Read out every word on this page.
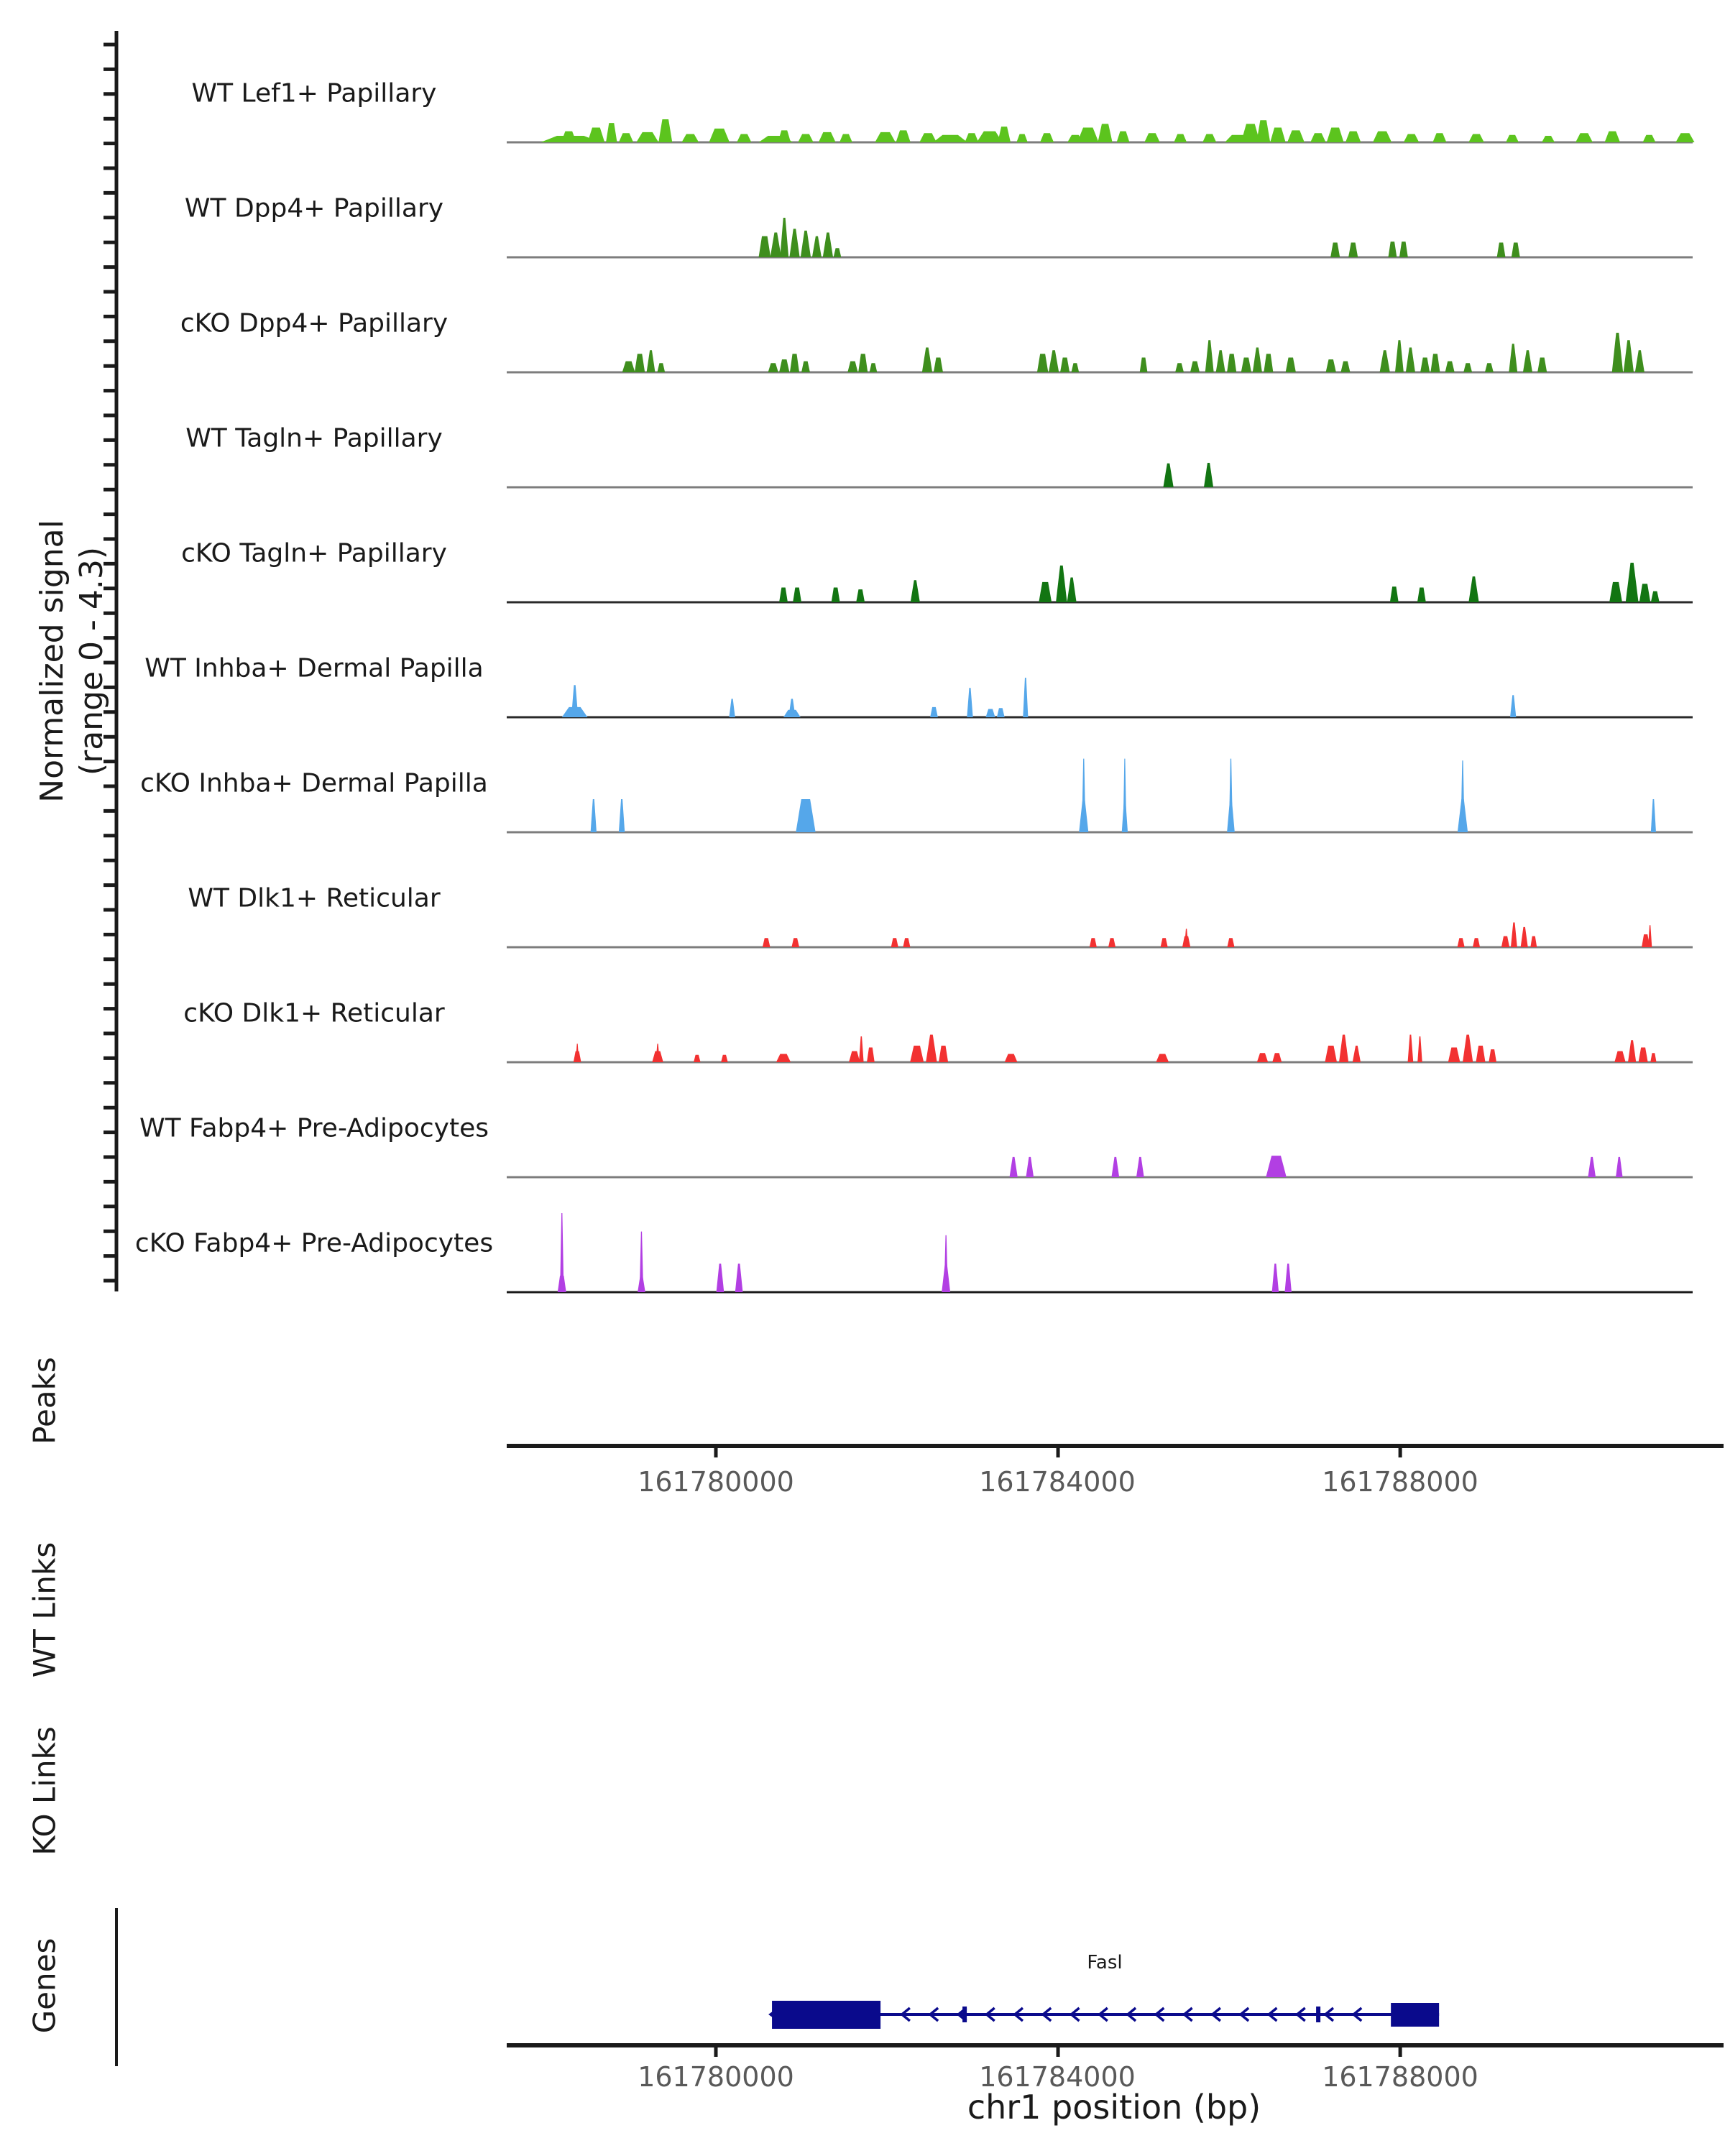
Normalized signal (range 0 - 4.3)
WT Lef1+ Papillary
WT Dpp4+ Papillary
cKO Dpp4+ Papillary
WT Tagln+ Papillary
cKO Tagln+ Papillary
WT Inhba+ Dermal Papilla
cKO Inhba+ Dermal Papilla
WT Dlk1+ Reticular
cKO Dlk1+ Reticular
WT Fabp4+ Pre-Adipocytes
cKO Fabp4+ Pre-Adipocytes
Peaks
WT Links
KO Links
Genes
161780000	161784000	161788000
161780000	161784000	161788000
chr1 position (bp)
Fasl
